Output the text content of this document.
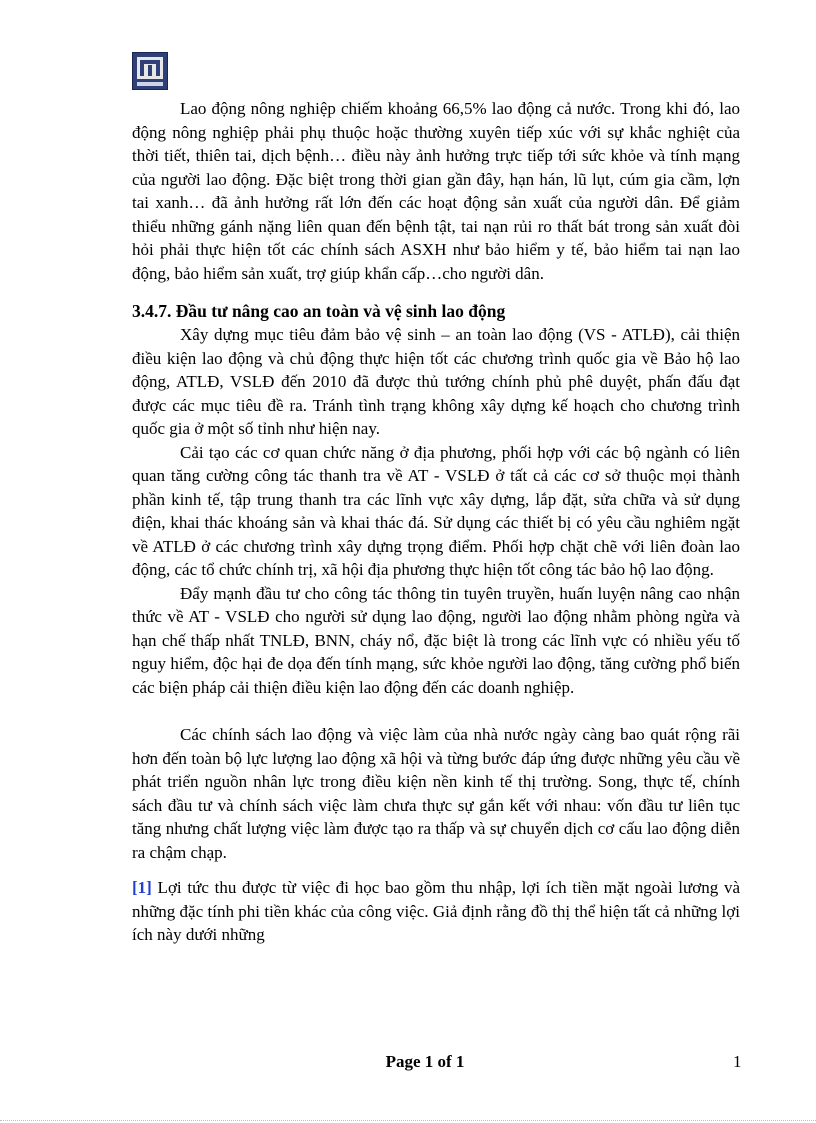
Lao động nông nghiệp chiếm khoảng 66,5% lao động cả nước. Trong khi đó, lao động nông nghiệp phải phụ thuộc hoặc thường xuyên tiếp xúc với sự khắc nghiệt của thời tiết, thiên tai, dịch bệnh… điều này ảnh hưởng trực tiếp tới sức khỏe và tính mạng của người lao động. Đặc biệt trong thời gian gần đây, hạn hán, lũ lụt, cúm gia cầm, lợn tai xanh… đã ảnh hưởng rất lớn đến các hoạt động sản xuất của người dân. Để giảm thiểu những gánh nặng liên quan đến bệnh tật, tai nạn rủi ro thất bát trong sản xuất đòi hỏi phải thực hiện tốt các chính sách ASXH như bảo hiểm y tế, bảo hiểm tai nạn lao động, bảo hiểm sản xuất, trợ giúp khẩn cấp…cho người dân.

3.4.7. Đầu tư nâng cao an toàn và vệ sinh lao động

Xây dựng mục tiêu đảm bảo vệ sinh – an toàn lao động (VS - ATLĐ), cải thiện điều kiện lao động và chủ động thực hiện tốt các chương trình quốc gia về Bảo hộ lao động, ATLĐ, VSLĐ đến 2010 đã được thủ tướng chính phủ phê duyệt, phấn đấu đạt được các mục tiêu đề ra. Tránh tình trạng không xây dựng kế hoạch cho chương trình quốc gia ở một số tỉnh như hiện nay.

Cải tạo các cơ quan chức năng ở địa phương, phối hợp với các bộ ngành có liên quan tăng cường công tác thanh tra về AT - VSLĐ ở tất cả các cơ sở thuộc mọi thành phần kinh tế, tập trung thanh tra các lĩnh vực xây dựng, lắp đặt, sửa chữa và sử dụng điện, khai thác khoáng sản và khai thác đá. Sử dụng các thiết bị có yêu cầu nghiêm ngặt về ATLĐ ở các chương trình xây dựng trọng điểm. Phối hợp chặt chẽ với liên đoàn lao động, các tổ chức chính trị, xã hội địa phương thực hiện tốt công tác bảo hộ lao động.

Đẩy mạnh đầu tư cho công tác thông tin tuyên truyền, huấn luyện nâng cao nhận thức về AT - VSLĐ cho người sử dụng lao động, người lao động nhằm phòng ngừa và hạn chế thấp nhất TNLĐ, BNN, cháy nổ, đặc biệt là trong các lĩnh vực có nhiều yếu tố nguy hiểm, độc hại đe dọa đến tính mạng, sức khỏe người lao động, tăng cường phổ biến các biện pháp cải thiện điều kiện lao động đến các doanh nghiệp.

Các chính sách lao động và việc làm của nhà nước ngày càng bao quát rộng rãi hơn đến toàn bộ lực lượng lao động xã hội và từng bước đáp ứng được những yêu cầu về phát triển nguồn nhân lực trong điều kiện nền kinh tế thị trường. Song, thực tế, chính sách đầu tư và chính sách việc làm chưa thực sự gắn kết với nhau: vốn đầu tư liên tục tăng nhưng chất lượng việc làm được tạo ra thấp và sự chuyển dịch cơ cấu lao động diễn ra chậm chạp.

[1] Lợi tức thu được từ việc đi học bao gồm thu nhập, lợi ích tiền mặt ngoài lương và những đặc tính phi tiền khác của công việc. Giả định rằng đồ thị thể hiện tất cả những lợi ích này dưới những

Page 1 of 1	1
